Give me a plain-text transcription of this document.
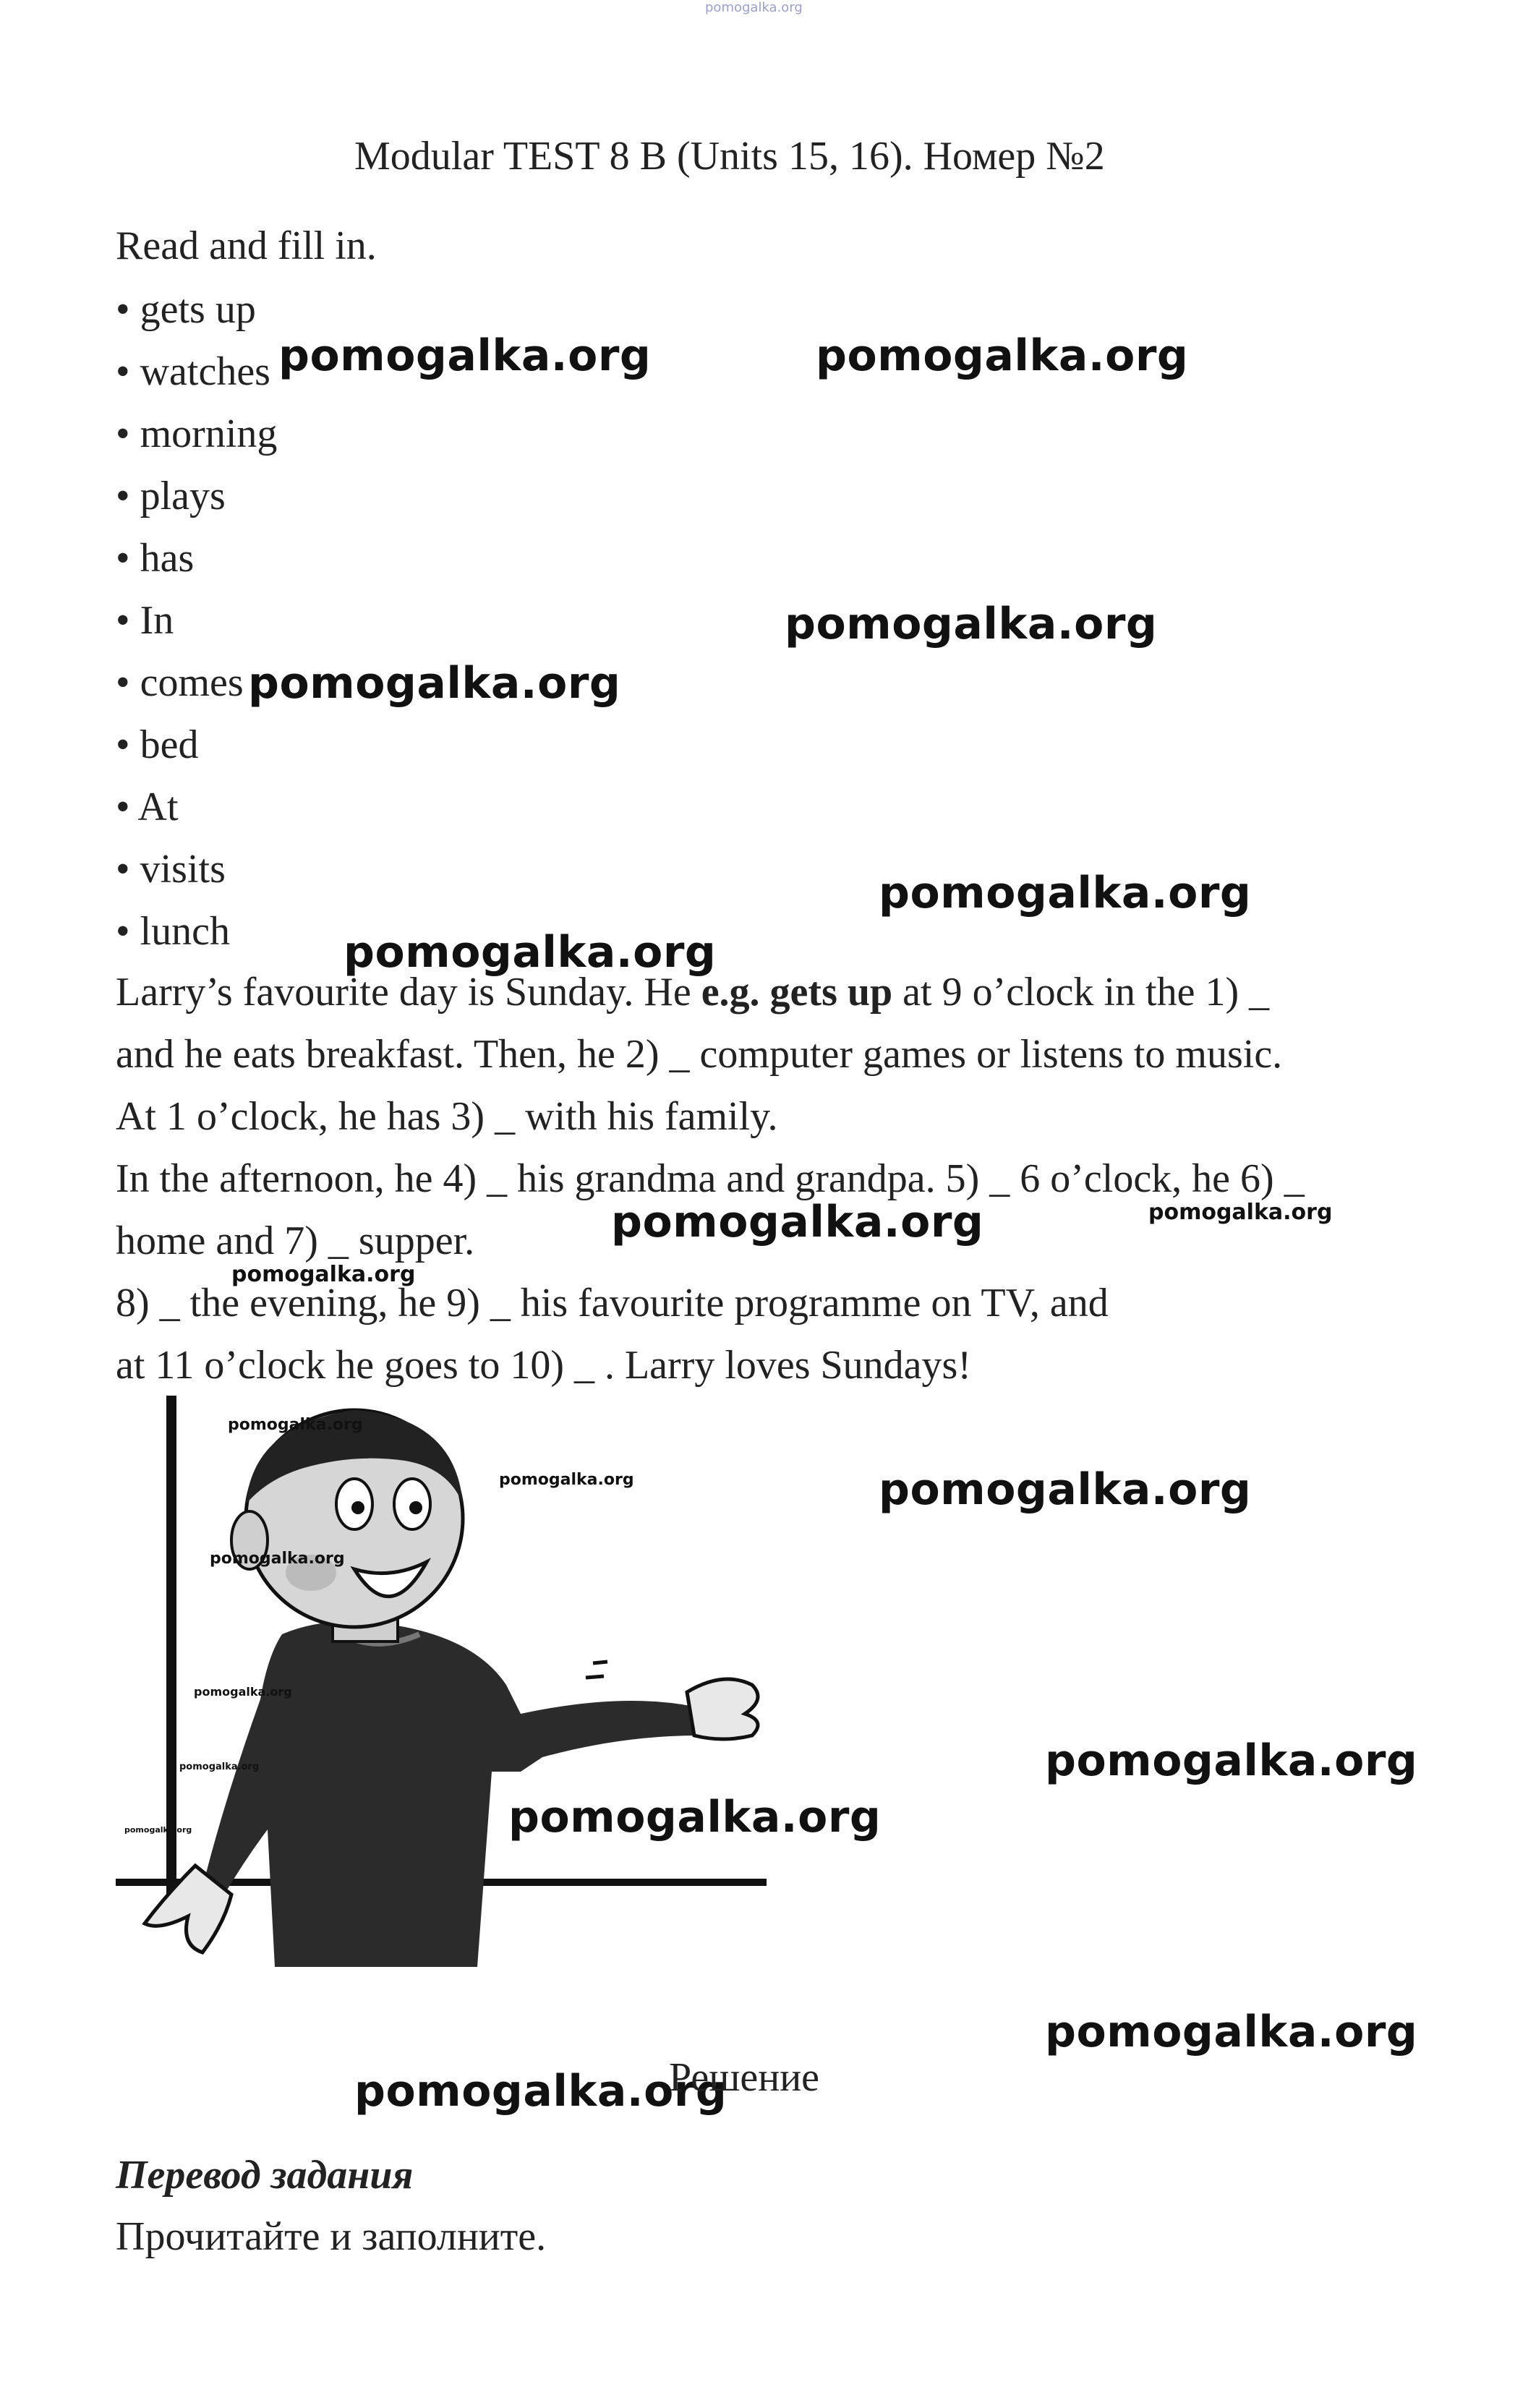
pomogalka.org
Modular TEST 8 B (Units 15, 16). Номер №2
Read and fill in.
• gets up
• watches
• morning
• plays
• has
• In
• comes
• bed
• At
• visits
• lunch
Larry’s favourite day is Sunday. He e.g. gets up at 9 o’clock in the 1) _
and he eats breakfast. Then, he 2) _ computer games or listens to music.
At 1 o’clock, he has 3) _ with his family.
In the afternoon, he 4) _ his grandma and grandpa. 5) _ 6 o’clock, he 6) _
home and 7) _ supper.
8) _ the evening, he 9) _ his favourite programme on TV, and
at 11 o’clock he goes to 10) _ . Larry loves Sundays!
pomogalka.org	pomogalka.org
pomogalka.org
pomogalka.org
pomogalka.org
pomogalka.org
pomogalka.org	pomogalka.org
pomogalka.org
pomogalka.org
pomogalka.org	pomogalka.org
pomogalka.org
pomogalka.org
pomogalka.org
pomogalka.org
pomogalka.org
pomogalka.org
pomogalka.org
pomogalka.org
Решение
Перевод задания
Прочитайте и заполните.
